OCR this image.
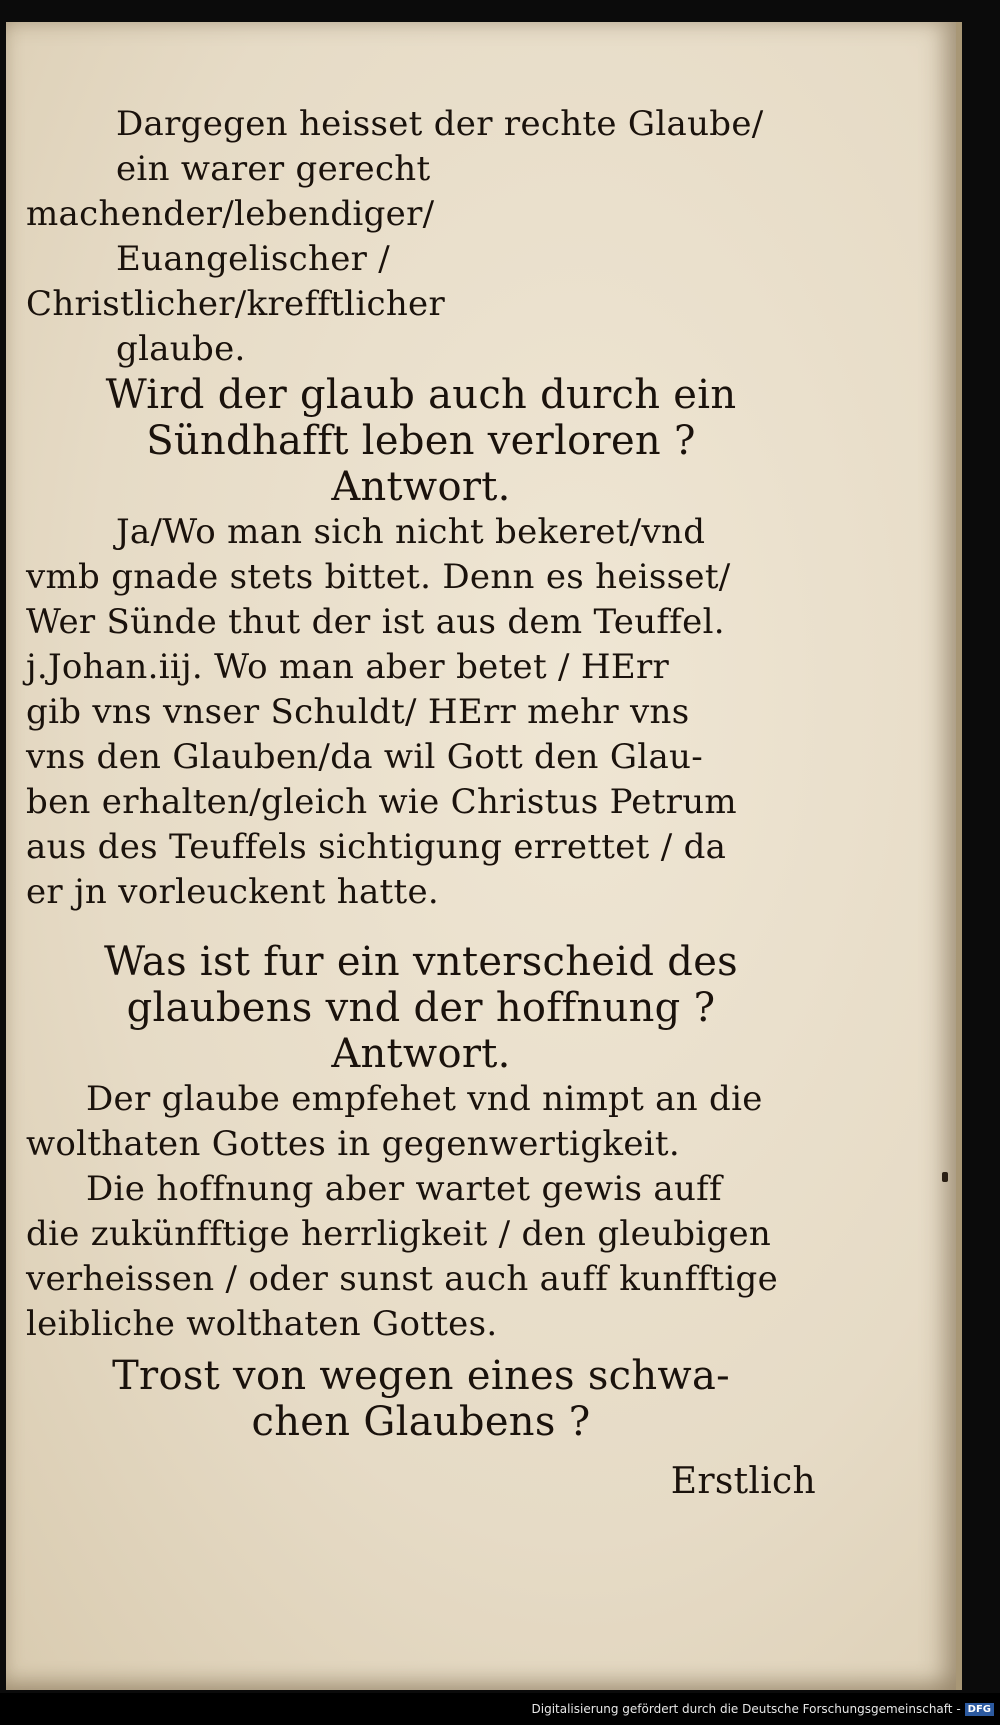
Dargegen heisset der rechte Glaube/
ein warer gerecht machender/lebendiger/
Euangelischer / Christlicher/krefftlicher
glaube.
Wird der glaub auch durch ein
Sündhafft leben verloren ?
Antwort.
Ja/Wo man sich nicht bekeret/vnd
vmb gnade stets bittet. Denn es heisset/
Wer Sünde thut der ist aus dem Teuffel.
j.Johan.iij. Wo man aber betet / HErr
gib vns vnser Schuldt/ HErr mehr vns
vns den Glauben/da wil Gott den Glau-
ben erhalten/gleich wie Christus Petrum
aus des Teuffels sichtigung errettet / da
er jn vorleuckent hatte.
Was ist fur ein vnterscheid des
glaubens vnd der hoffnung ?
Antwort.
Der glaube empfehet vnd nimpt an die
wolthaten Gottes in gegenwertigkeit.
Die hoffnung aber wartet gewis auff
die zukünfftige herrligkeit / den gleubigen
verheissen / oder sunst auch auff kunfftige
leibliche wolthaten Gottes.
Trost von wegen eines schwa-
chen Glaubens ?
Erstlich
Digitalisierung gefördert durch die Deutsche Forschungsgemeinschaft - DFG
